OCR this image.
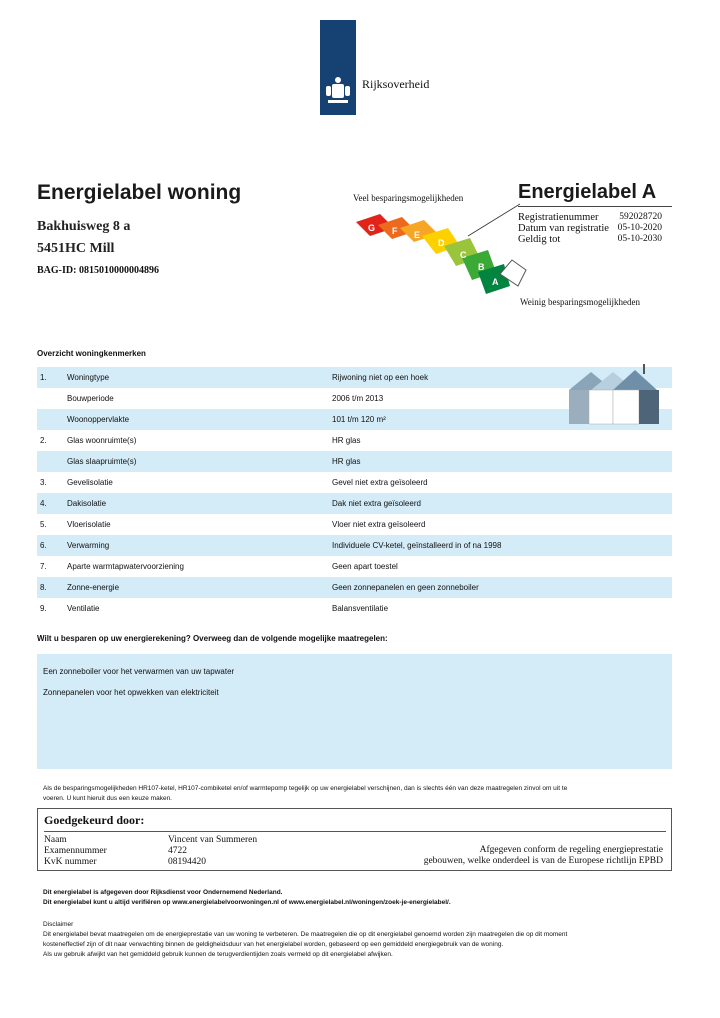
Rijksoverheid
Energielabel woning
Bakhuisweg 8 a
5451HC Mill
BAG-ID: 0815010000004896
Veel besparingsmogelijkheden
Weinig besparingsmogelijkheden
G F E
D
C
B
A
Energielabel A
Registratienummer 592028720
Datum van registratie 05-10-2020
Geldig tot	05-10-2030
Overzicht woningkenmerken
1.	Woningtype	Rijwoning niet op een hoek
Bouwperiode	2006 t/m 2013
Woonoppervlakte	101 t/m 120 m²
2.	Glas woonruimte(s)	HR glas
Glas slaapruimte(s)	HR glas
3.	Gevelisolatie	Gevel niet extra geïsoleerd
4.	Dakisolatie	Dak niet extra geïsoleerd
5.	Vloerisolatie	Vloer niet extra geïsoleerd
6.	Verwarming	Individuele CV-ketel, geïnstalleerd in of na 1998
7.	Aparte warmtapwatervoorziening	Geen apart toestel
8.	Zonne-energie	Geen zonnepanelen en geen zonneboiler
9.	Ventilatie	Balansventilatie
Wilt u besparen op uw energierekening? Overweeg dan de volgende mogelijke maatregelen:
Een zonneboiler voor het verwarmen van uw tapwater
Zonnepanelen voor het opwekken van elektriciteit
Als de besparingsmogelijkheden HR107-ketel, HR107-combiketel en/of warmtepomp tegelijk op uw energielabel verschijnen, dan is slechts één van deze maatregelen zinvol om uit te
voeren. U kunt hieruit dus een keuze maken.
Goedgekeurd door:
Naam	Vincent van Summeren
Examennummer	4722
KvK nummer	08194420
Afgegeven conform de regeling energieprestatie
gebouwen, welke onderdeel is van de Europese richtlijn EPBD
Dit energielabel is afgegeven door Rijksdienst voor Ondernemend Nederland.
Dit energielabel kunt u altijd verifiëren op www.energielabelvoorwoningen.nl of www.energielabel.nl/woningen/zoek-je-energielabel/.
Disclaimer
Dit energielabel bevat maatregelen om de energieprestatie van uw woning te verbeteren. De maatregelen die op dit energielabel genoemd worden zijn maatregelen die op dit moment
kosteneffectief zijn of dit naar verwachting binnen de geldigheidsduur van het energielabel worden, gebaseerd op een gemiddeld energiegebruik van de woning.
Als uw gebruik afwijkt van het gemiddeld gebruik kunnen de terugverdientijden zoals vermeld op dit energielabel afwijken.
